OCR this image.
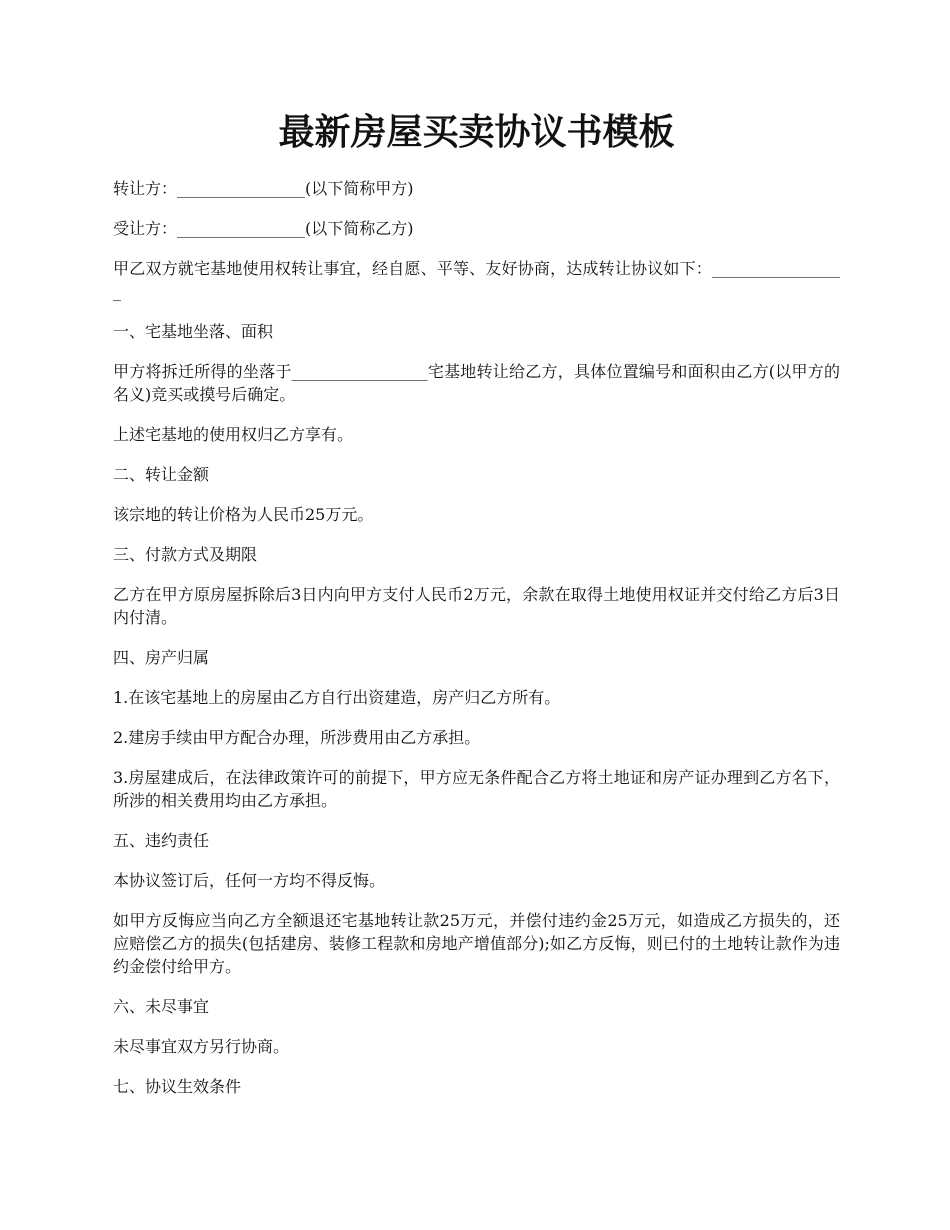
最新房屋买卖协议书模板

转让方：________________(以下简称甲方)

受让方：________________(以下简称乙方)

甲乙双方就宅基地使用权转让事宜，经自愿、平等、友好协商，达成转让协议如下：_________________

一、宅基地坐落、面积

甲方将拆迁所得的坐落于_________________宅基地转让给乙方，具体位置编号和面积由乙方(以甲方的名义)竞买或摸号后确定。

上述宅基地的使用权归乙方享有。

二、转让金额

该宗地的转让价格为人民币25万元。

三、付款方式及期限

乙方在甲方原房屋拆除后3日内向甲方支付人民币2万元，余款在取得土地使用权证并交付给乙方后3日内付清。

四、房产归属

1.在该宅基地上的房屋由乙方自行出资建造，房产归乙方所有。

2.建房手续由甲方配合办理，所涉费用由乙方承担。

3.房屋建成后，在法律政策许可的前提下，甲方应无条件配合乙方将土地证和房产证办理到乙方名下，所涉的相关费用均由乙方承担。

五、违约责任

本协议签订后，任何一方均不得反悔。

如甲方反悔应当向乙方全额退还宅基地转让款25万元，并偿付违约金25万元，如造成乙方损失的，还应赔偿乙方的损失(包括建房、装修工程款和房地产增值部分);如乙方反悔，则已付的土地转让款作为违约金偿付给甲方。

六、未尽事宜

未尽事宜双方另行协商。

七、协议生效条件
